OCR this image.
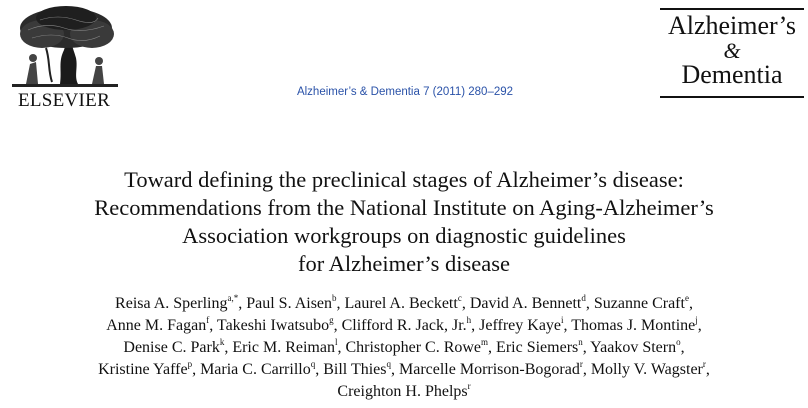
ELSEVIER	Alzheimer’s & Dementia 7 (2011) 280–292
Alzheimer’s
&
Dementia
Toward defining the preclinical stages of Alzheimer’s disease:
Recommendations from the National Institute on Aging-Alzheimer’s
Association workgroups on diagnostic guidelines
for Alzheimer’s disease
Reisa A. Sperling$^{a,*}$, Paul S. Aisen$^b$, Laurel A. Beckett$^c$, David A. Bennett$^d$, Suzanne Craft$^e$,
Anne M. Fagan$^f$, Takeshi Iwatsubo$^g$, Clifford R. Jack, Jr.$^h$, Jeffrey Kaye$^i$, Thomas J. Montine$^j$,
Denise C. Park$^k$, Eric M. Reiman$^l$, Christopher C. Rowe$^m$, Eric Siemers$^n$, Yaakov Stern$^o$,
Kristine Yaffe$^p$, Maria C. Carrillo$^q$, Bill Thies$^q$, Marcelle Morrison-Bogorad$^r$, Molly V. Wagster$^r$,
Creighton H. Phelps$^r$
